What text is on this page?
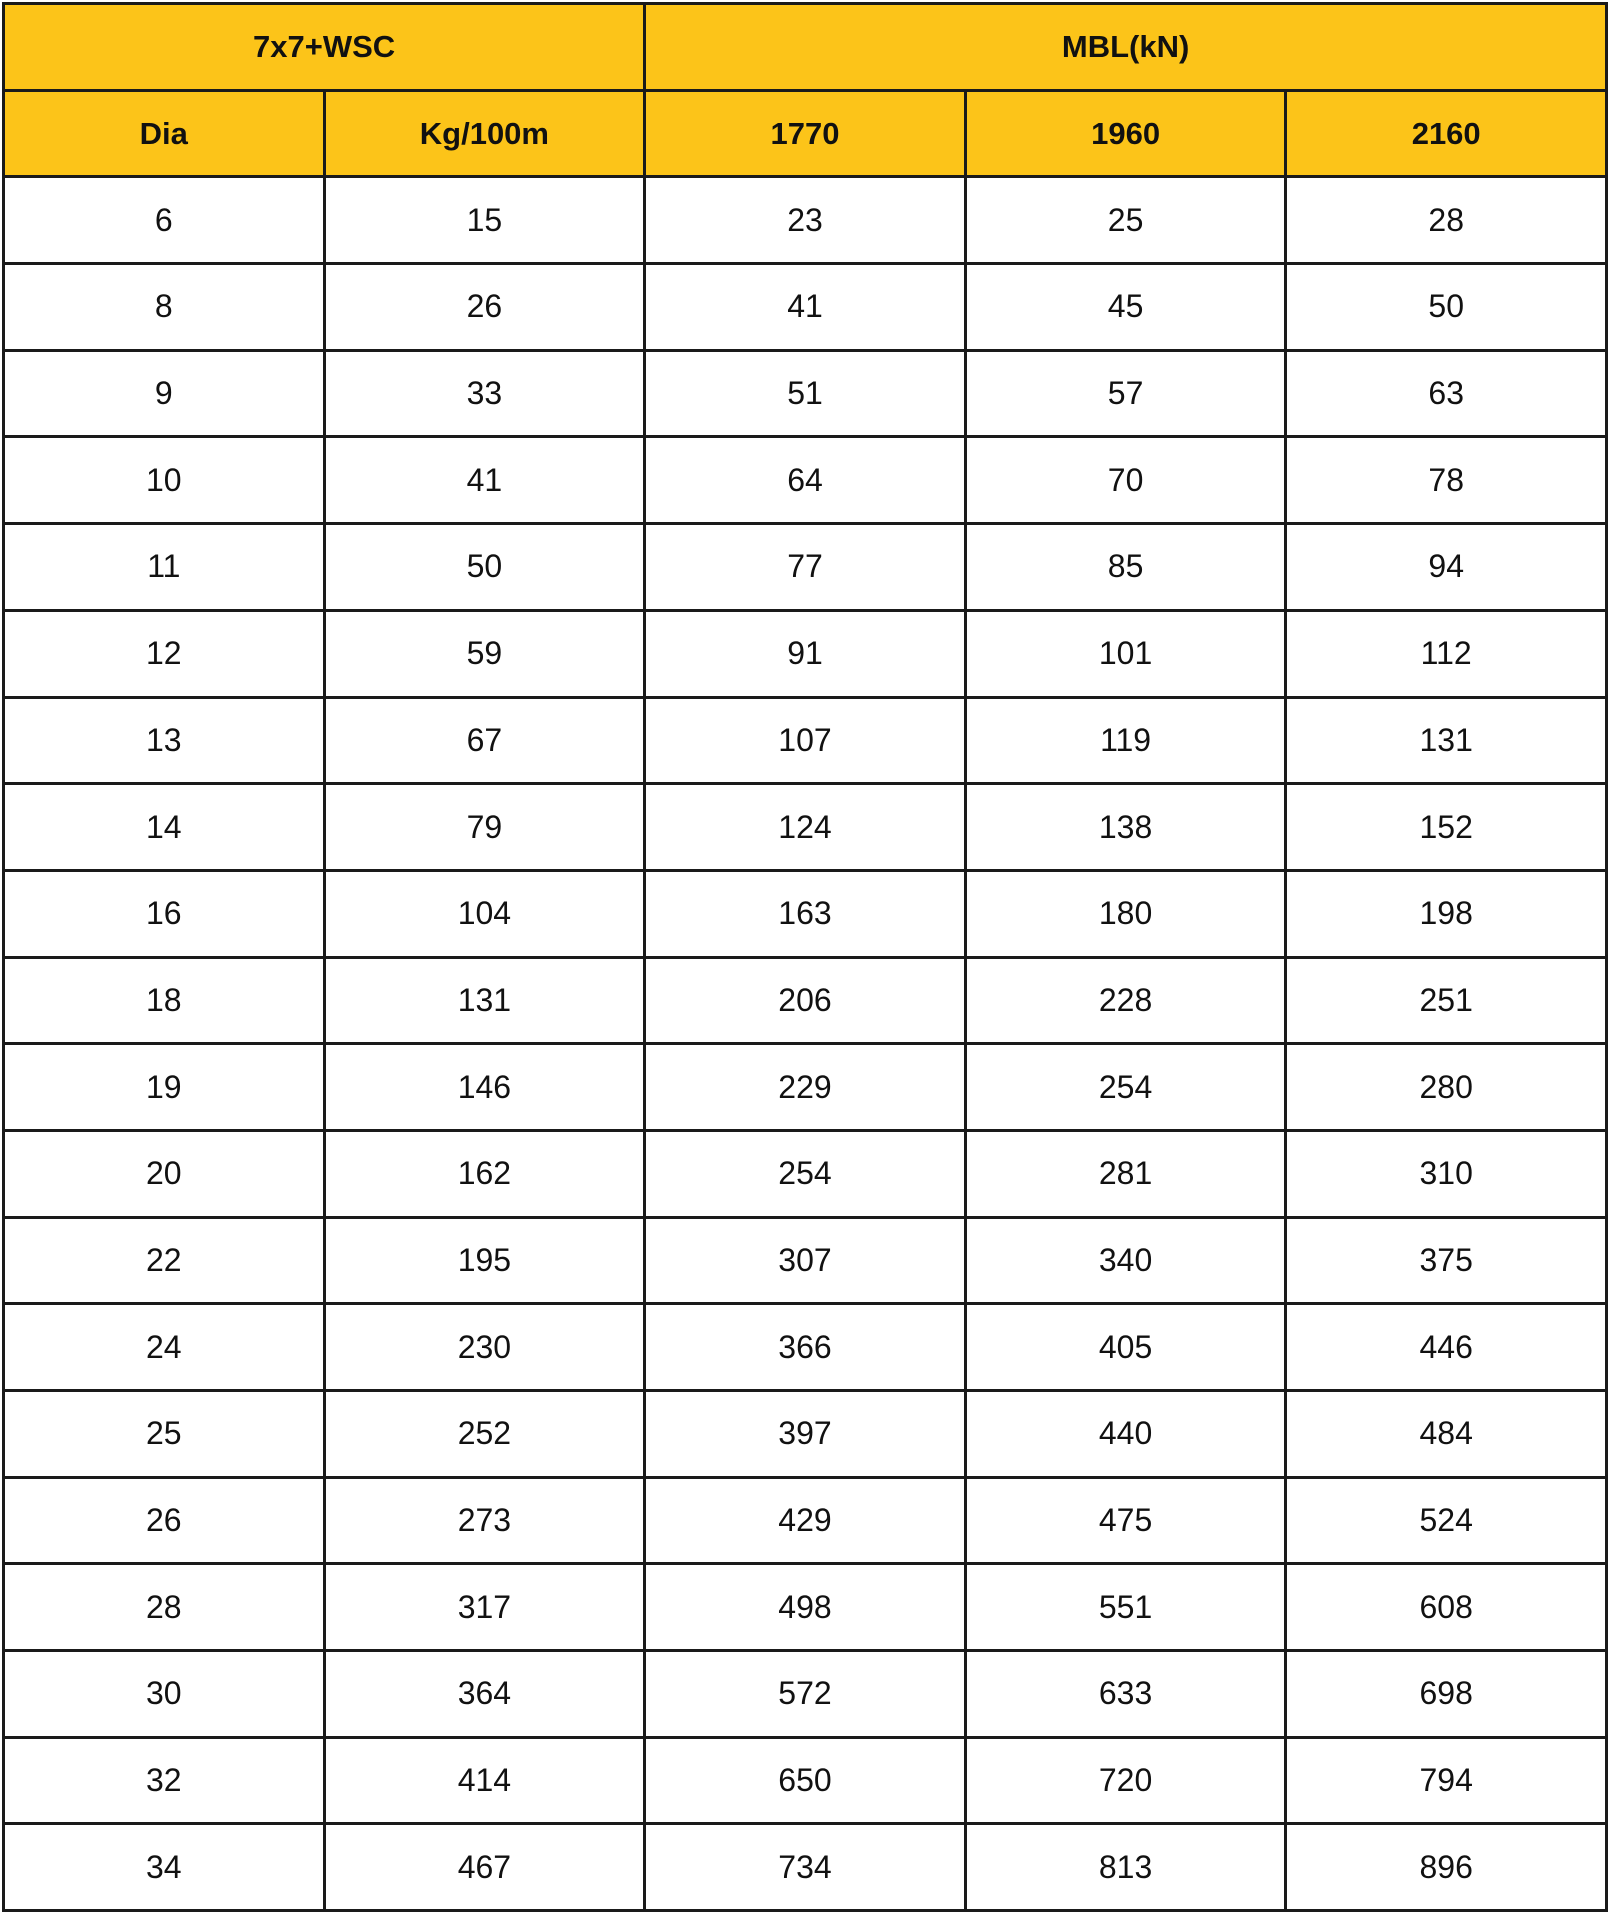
7x7+WSC		MBL(kN)		
Dia	Kg/100m	1770	1960	2160
6	15	23	25	28
8	26	41	45	50
9	33	51	57	63
10	41	64	70	78
11	50	77	85	94
12	59	91	101	112
13	67	107	119	131
14	79	124	138	152
16	104	163	180	198
18	131	206	228	251
19	146	229	254	280
20	162	254	281	310
22	195	307	340	375
24	230	366	405	446
25	252	397	440	484
26	273	429	475	524
28	317	498	551	608
30	364	572	633	698
32	414	650	720	794
34	467	734	813	896
